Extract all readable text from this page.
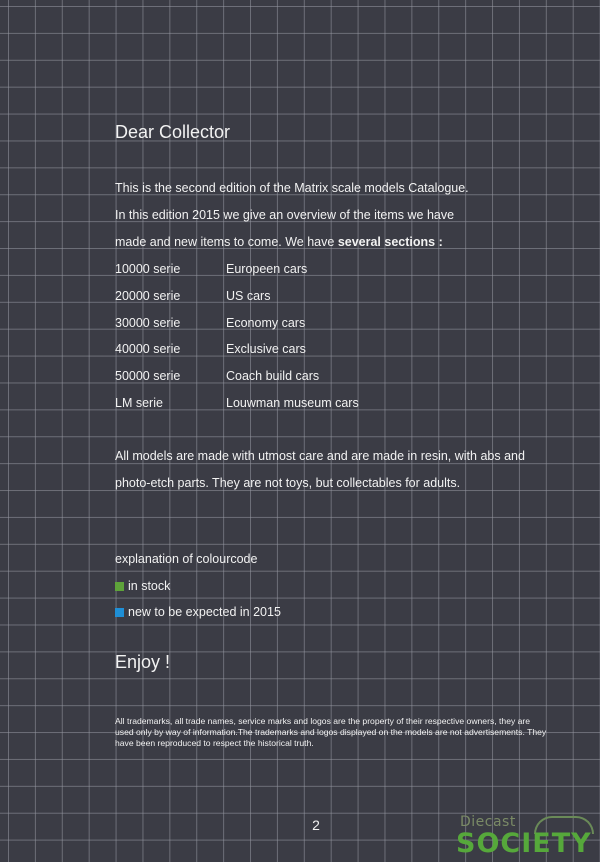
Dear Collector

This is the second edition of the Matrix scale models Catalogue.
In this edition 2015 we give an overview of the items we have
made and new items to come. We have several sections :

10000 serie	Europeen cars
20000 serie	US cars
30000 serie	Economy cars
40000 serie	Exclusive cars
50000 serie	Coach build cars
LM serie	Louwman museum cars

All models are made with utmost care and are made in resin, with abs and photo-etch parts. They are not toys, but collectables for adults.

explanation of colourcode
in stock
new to be expected in 2015
Enjoy !

All trademarks, all trade names, service marks and logos are the property of their respective owners, they are used only by way of information.The trademarks and logos displayed on the models are not advertisements. They have been reproduced to respect the historical truth.

2	Diecast
SOCIETY
